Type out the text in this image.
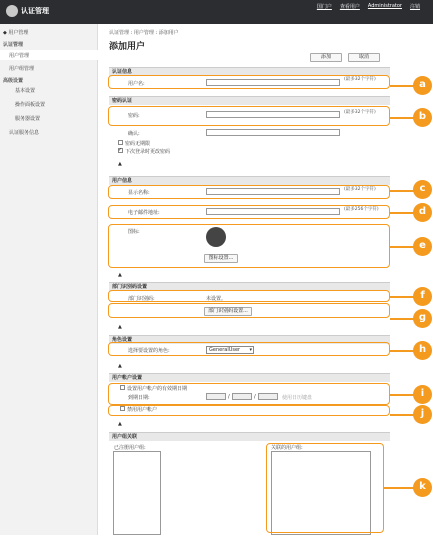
认证管理	国门户 查看用户 Administrator 注销
◆ 用户管理
认证管理
用户管理
用户组管理
高级设置
基本设置
操作面板设置
服务器设置
认证服务信息
认证管理 : 用户管理 : 添加用户
添加用户
添加	取消
认证信息
用户名:
(最多32个字符)
密码认证
密码:
(最多32个字符)
确认:
密码无期限
✓ 下次登录时更改密码
▲
用户信息
显示名称:
(最多32个字符)
电子邮件地址:
(最多256个字符)
图标:
图标设置...
▲
部门识别码设置
部门识别码:	未设置。
部门识别码设置...
▲
角色设置
选择要设置的角色:	GeneralUser ▾
▲
用户帐户设置
设置用户帐户的有效期日期
到期日期:	/	/	使用日历键盘
禁用用户帐户
▲
用户组关联
已注册用户组:	关联的用户组:
a
b
c
d
e
f
g
h
i
j
k
